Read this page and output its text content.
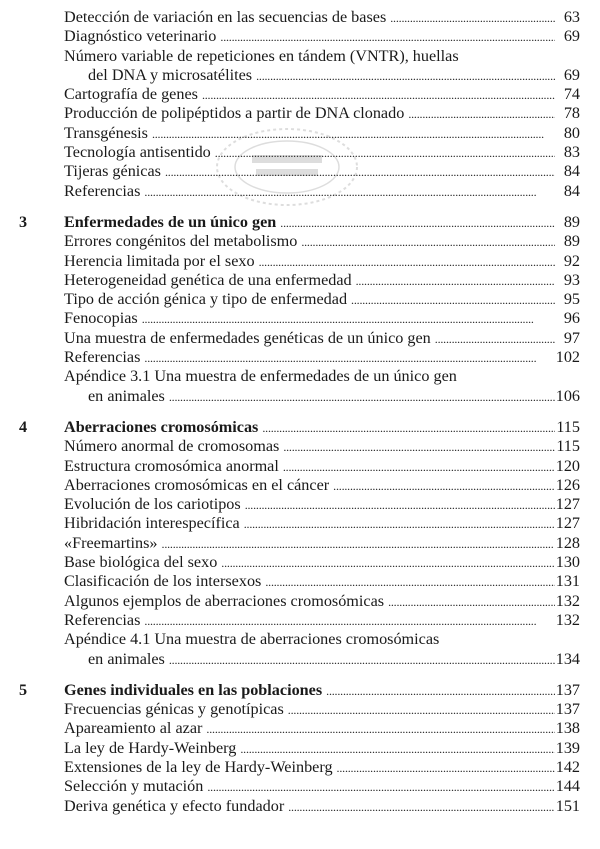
Detección de variación en las secuencias de bases . . .	63
Diagnóstico veterinario . . .	69
Número variable de repeticiones en tándem (VNTR), huellas
del DNA y microsatélites . . .	69
Cartografía de genes . . .	74
Producción de polipéptidos a partir de DNA clonado . . .	78
Transgénesis . . .	80
Tecnología antisentido . . .	83
Tijeras génicas . . .	84
Referencias . . .	84
3 Enfermedades de un único gen . . .	89
Errores congénitos del metabolismo . . .	89
Herencia limitada por el sexo . . .	92
Heterogeneidad genética de una enfermedad . . .	93
Tipo de acción génica y tipo de enfermedad . . .	95
Fenocopias . . .	96
Una muestra de enfermedades genéticas de un único gen . . .	97
Referencias . . .	102
Apéndice 3.1 Una muestra de enfermedades de un único gen
en animales . . .	106
4 Aberraciones cromosómicas . . .	115
Número anormal de cromosomas . . .	115
Estructura cromosómica anormal . . .	120
Aberraciones cromosómicas en el cáncer . . .	126
Evolución de los cariotipos . . .	127
Hibridación interespecífica . . .	127
«Freemartins» . . .	128
Base biológica del sexo . . .	130
Clasificación de los intersexos . . .	131
Algunos ejemplos de aberraciones cromosómicas . . .	132
Referencias . . .	132
Apéndice 4.1 Una muestra de aberraciones cromosómicas
en animales . . .	134
5 Genes individuales en las poblaciones . . .	137
Frecuencias génicas y genotípicas . . .	137
Apareamiento al azar . . .	138
La ley de Hardy-Weinberg . . .	139
Extensiones de la ley de Hardy-Weinberg . . .	142
Selección y mutación . . .	144
Deriva genética y efecto fundador . . .	151
